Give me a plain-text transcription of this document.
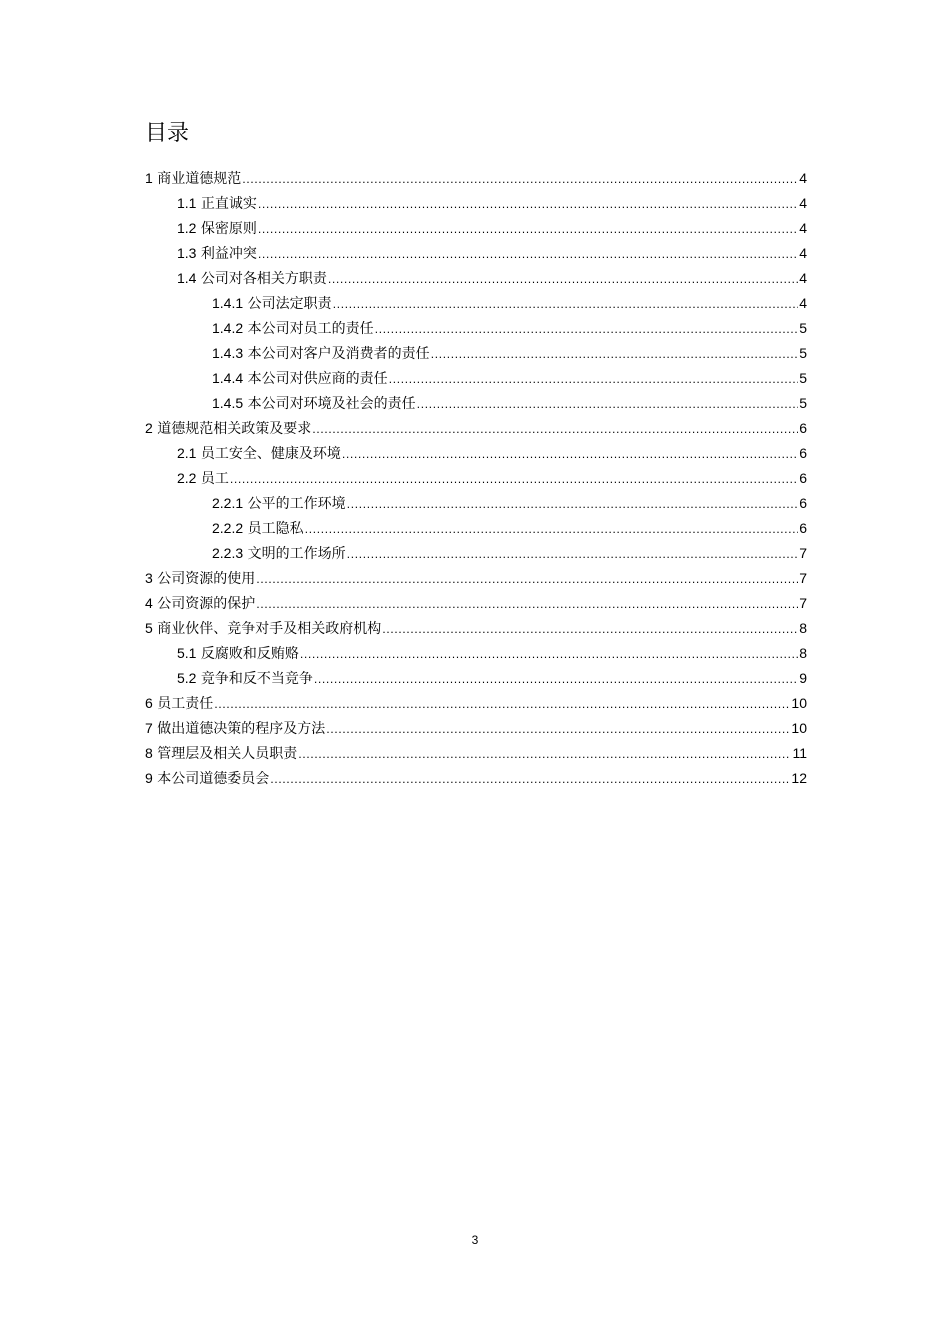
目录
1 商业道德规范 .....	4
1.1 正直诚实 .....	4
1.2 保密原则 .....	4
1.3 利益冲突 .....	4
1.4 公司对各相关方职责 .....	4
1.4.1 公司法定职责 .....	4
1.4.2 本公司对员工的责任 .....	5
1.4.3 本公司对客户及消费者的责任 .....	5
1.4.4 本公司对供应商的责任 .....	5
1.4.5 本公司对环境及社会的责任 .....	5
2 道德规范相关政策及要求 .....	6
2.1 员工安全、健康及环境 .....	6
2.2 员工 .....	6
2.2.1 公平的工作环境 .....	6
2.2.2 员工隐私 .....	6
2.2.3 文明的工作场所 .....	7
3 公司资源的使用 .....	7
4 公司资源的保护 .....	7
5 商业伙伴、竞争对手及相关政府机构 .....	8
5.1 反腐败和反贿赂 .....	8
5.2 竞争和反不当竞争 .....	9
6 员工责任 .....	10
7 做出道德决策的程序及方法 .....	10
8 管理层及相关人员职责 .....	11
9 本公司道德委员会 .....	12
3
